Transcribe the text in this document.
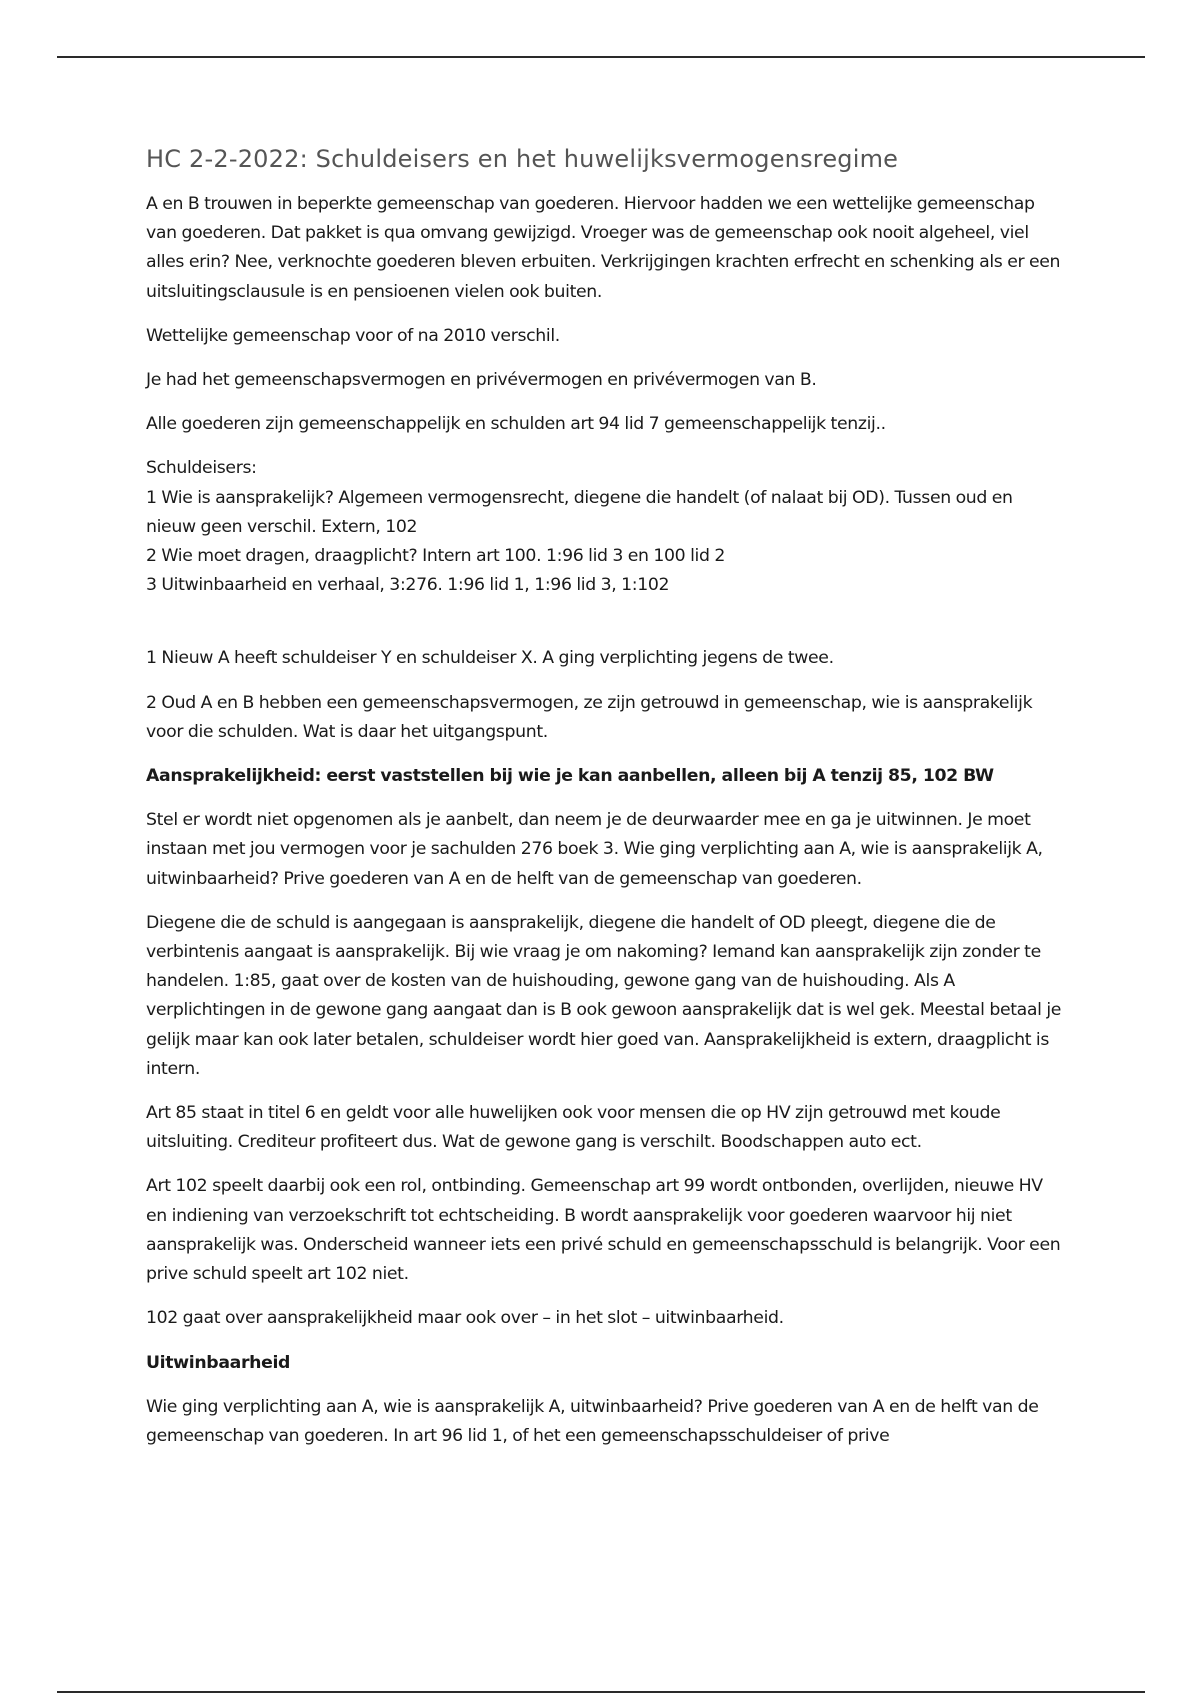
HC 2-2-2022: Schuldeisers en het huwelijksvermogensregime

A en B trouwen in beperkte gemeenschap van goederen. Hiervoor hadden we een wettelijke gemeenschap van goederen. Dat pakket is qua omvang gewijzigd. Vroeger was de gemeenschap ook nooit algeheel, viel alles erin? Nee, verknochte goederen bleven erbuiten. Verkrijgingen krachten erfrecht en schenking als er een uitsluitingsclausule is en pensioenen vielen ook buiten.

Wettelijke gemeenschap voor of na 2010 verschil.

Je had het gemeenschapsvermogen en privévermogen en privévermogen van B.

Alle goederen zijn gemeenschappelijk en schulden art 94 lid 7 gemeenschappelijk tenzij..

Schuldeisers:
1 Wie is aansprakelijk? Algemeen vermogensrecht, diegene die handelt (of nalaat bij OD). Tussen oud en nieuw geen verschil. Extern, 102
2 Wie moet dragen, draagplicht? Intern art 100. 1:96 lid 3 en 100 lid 2
3 Uitwinbaarheid en verhaal, 3:276. 1:96 lid 1, 1:96 lid 3, 1:102

1 Nieuw A heeft schuldeiser Y en schuldeiser X. A ging verplichting jegens de twee.

2 Oud A en B hebben een gemeenschapsvermogen, ze zijn getrouwd in gemeenschap, wie is aansprakelijk voor die schulden. Wat is daar het uitgangspunt.

Aansprakelijkheid: eerst vaststellen bij wie je kan aanbellen, alleen bij A tenzij 85, 102 BW

Stel er wordt niet opgenomen als je aanbelt, dan neem je de deurwaarder mee en ga je uitwinnen. Je moet instaan met jou vermogen voor je sachulden 276 boek 3. Wie ging verplichting aan A, wie is aansprakelijk A, uitwinbaarheid? Prive goederen van A en de helft van de gemeenschap van goederen.

Diegene die de schuld is aangegaan is aansprakelijk, diegene die handelt of OD pleegt, diegene die de verbintenis aangaat is aansprakelijk. Bij wie vraag je om nakoming? Iemand kan aansprakelijk zijn zonder te handelen. 1:85, gaat over de kosten van de huishouding, gewone gang van de huishouding. Als A verplichtingen in de gewone gang aangaat dan is B ook gewoon aansprakelijk dat is wel gek. Meestal betaal je gelijk maar kan ook later betalen, schuldeiser wordt hier goed van. Aansprakelijkheid is extern, draagplicht is intern.

Art 85 staat in titel 6 en geldt voor alle huwelijken ook voor mensen die op HV zijn getrouwd met koude uitsluiting. Crediteur profiteert dus. Wat de gewone gang is verschilt. Boodschappen auto ect.

Art 102 speelt daarbij ook een rol, ontbinding. Gemeenschap art 99 wordt ontbonden, overlijden, nieuwe HV en indiening van verzoekschrift tot echtscheiding. B wordt aansprakelijk voor goederen waarvoor hij niet aansprakelijk was. Onderscheid wanneer iets een privé schuld en gemeenschapsschuld is belangrijk. Voor een prive schuld speelt art 102 niet.

102 gaat over aansprakelijkheid maar ook over – in het slot – uitwinbaarheid.

Uitwinbaarheid

Wie ging verplichting aan A, wie is aansprakelijk A, uitwinbaarheid? Prive goederen van A en de helft van de gemeenschap van goederen. In art 96 lid 1, of het een gemeenschapsschuldeiser of prive
